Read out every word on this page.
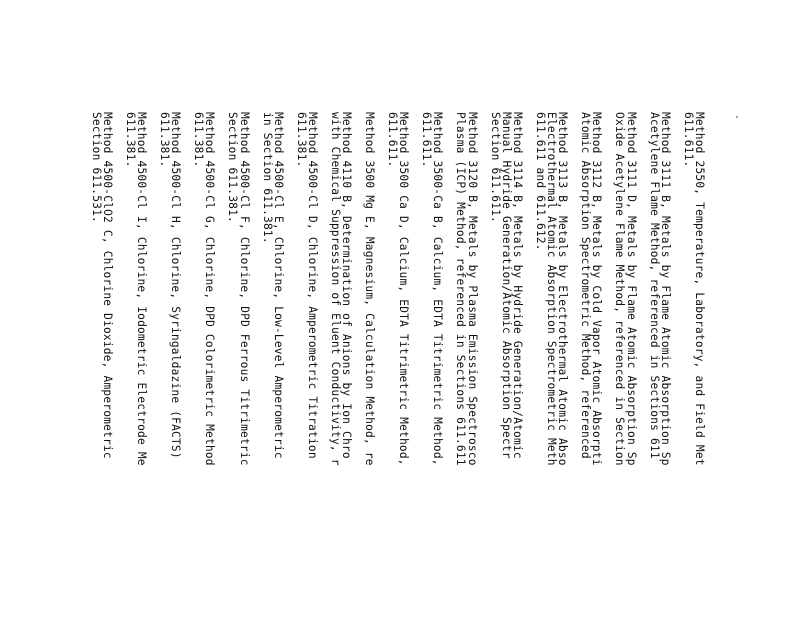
Method 2550, Temperature, Laboratory, and Field Met
611.611.
Method 3111 B, Metals by Flame Atomic Absorption Sp
Acetylene Flame Method, referenced in Sections 611
Method 3111 D, Metals by Flame Atomic Absorption Sp
Oxide Acetylene Flame Method, referenced in Section
Method 3112 B, Metals by Cold Vapor Atomic Absorpti
Atomic Absorption Spectrometric Method, referenced
Method 3113 B, Metals by Electrothermal Atomic Abso
Electrothermal Atomic Absorption Spectrometric Meth
611.611 and 611.612.
Method 3114 B, Metals by Hydride Generation/Atomic
Manual Hydride Generation/Atomic Absorption Spectr
Section 611.611.
Method 3120 B, Metals by Plasma Emission Spectrosco
Plasma (ICP) Method, referenced in Sections 611.611
Method 3500-Ca B, Calcium, EDTA Titrimetric Method,
611.611.
Method 3500 Ca D, Calcium, EDTA Titrimetric Method,
611.611.
Method 3500 Mg E, Magnesium, Calculation Method, re
Method 4110 B, Determination of Anions by Ion Chro
with Chemical Suppression of Eluent Conductivity, r
Method 4500-Cl D, Chlorine, Amperometric Titration
611.381.
Method 4500-Cl E, Chlorine, Low-Level Amperometric
in Section 611.381.
Method 4500-Cl F, Chlorine, DPD Ferrous Titrimetric
Section 611.381.
Method 4500-Cl G, Chlorine, DPD Colorimetric Method
611.381.
Method 4500-Cl H, Chlorine, Syringaldazine (FACTS)
611.381.
Method 4500-Cl I, Chlorine, Iodometric Electrode Me
611.381.
Method 4500-ClO2 C, Chlorine Dioxide, Amperometric
Section 611.531.
